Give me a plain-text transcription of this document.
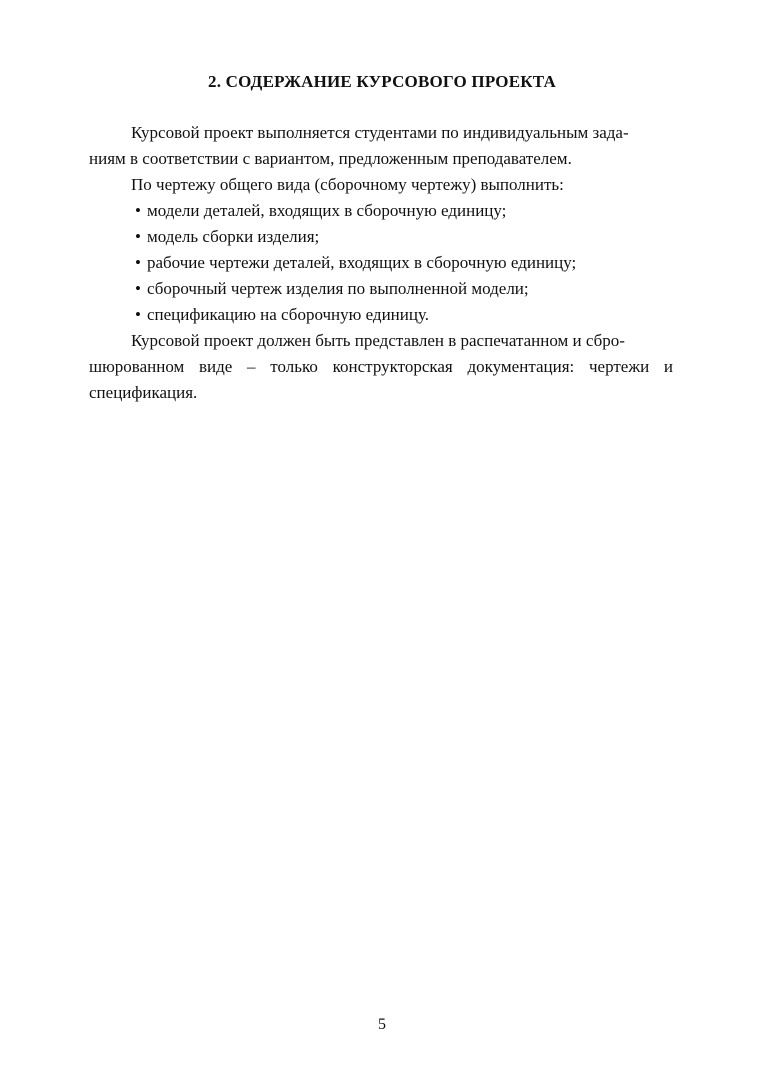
2. СОДЕРЖАНИЕ КУРСОВОГО ПРОЕКТА

Курсовой проект выполняется студентами по индивидуальным зада-

ниям в соответствии с вариантом, предложенным преподавателем.

По чертежу общего вида (сборочному чертежу) выполнить:

• модели деталей, входящих в сборочную единицу;

• модель сборки изделия;

• рабочие чертежи деталей, входящих в сборочную единицу;

• сборочный чертеж изделия по выполненной модели;

• спецификацию на сборочную единицу.

Курсовой проект должен быть представлен в распечатанном и сбро-

шюрованном виде – только конструкторская документация: чертежи и

спецификация.

5
